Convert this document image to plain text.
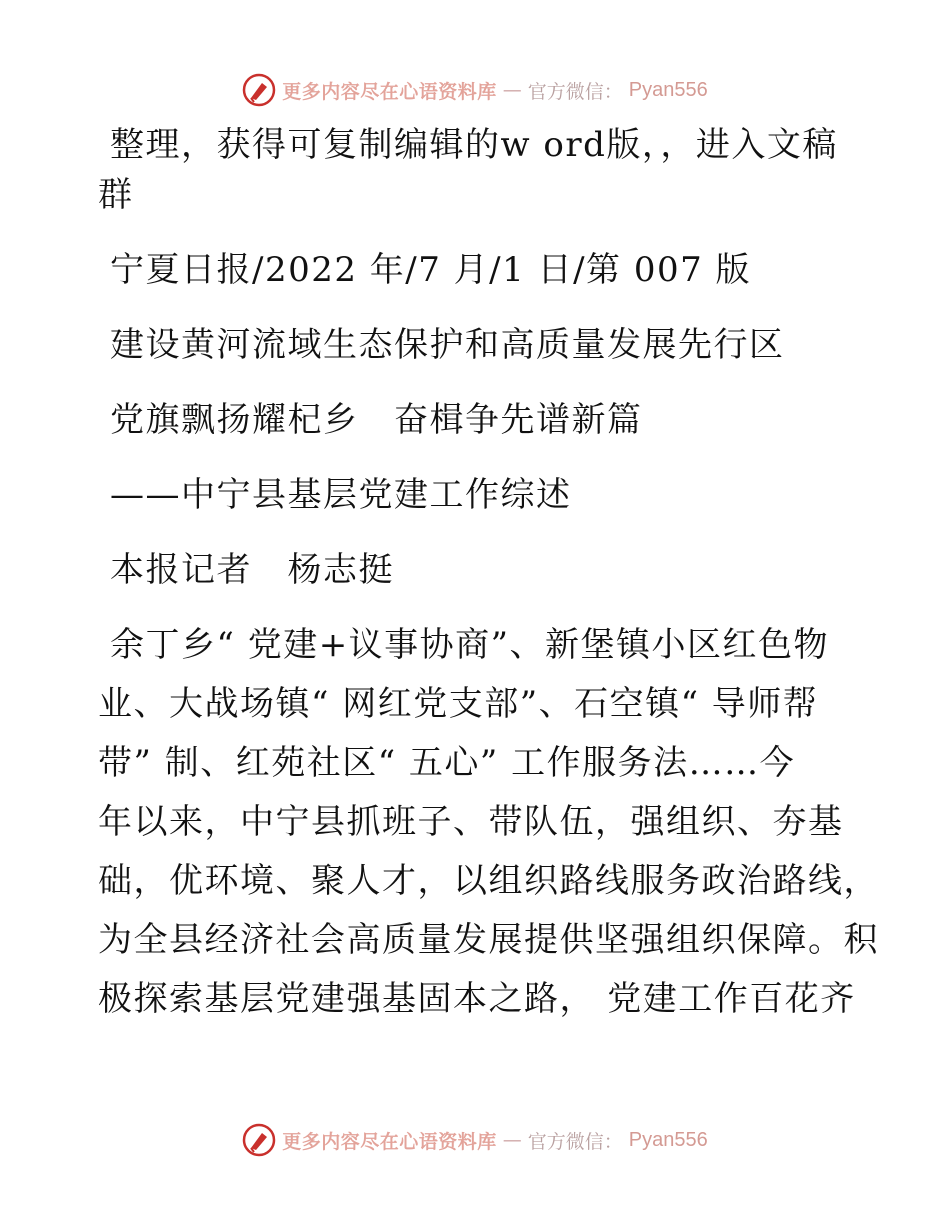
更多内容尽在心语资料库 — 官方微信： Pyan556
整理，获得可复制编辑的w ord版，，进入文稿
群
宁夏日报/2022 年/7 月/1 日/第 007 版
建设黄河流域生态保护和高质量发展先行区
党旗飘扬耀杞乡　奋楫争先谱新篇
——中宁县基层党建工作综述
本报记者　杨志挺
余丁乡“ 党建+议事协商”、新堡镇小区红色物
业、大战场镇“ 网红党支部”、石空镇“ 导师帮
带” 制、红苑社区“ 五心” 工作服务法……今
年以来，中宁县抓班子、带队伍，强组织、夯基
础，优环境、聚人才，以组织路线服务政治路线，
为全县经济社会高质量发展提供坚强组织保障。积
极探索基层党建强基固本之路， 党建工作百花齐
更多内容尽在心语资料库 — 官方微信： Pyan556
